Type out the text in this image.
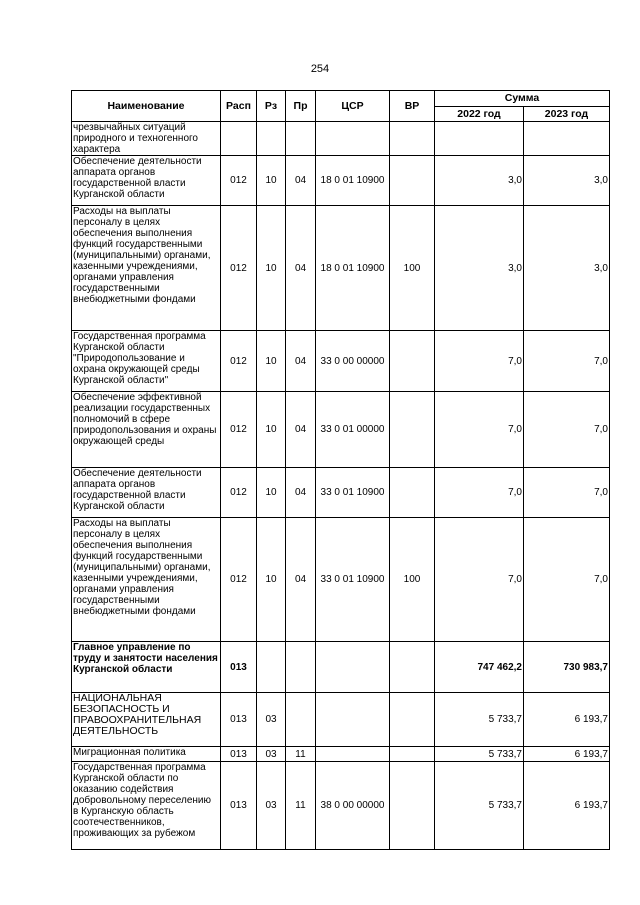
254
Наименование	Расп	Рз	Пр	ЦСР	ВР	Сумма	
						2022 год	2023 год
чрезвычайных ситуаций природного и техногенного характера							
Обеспечение деятельности аппарата органов государственной власти Курганской области	012	10	04	18 0 01 10900		3,0	3,0
Расходы на выплаты персоналу в целях обеспечения выполнения функций государственными (муниципальными) органами, казенными учреждениями, органами управления государственными внебюджетными фондами	012	10	04	18 0 01 10900	100	3,0	3,0
Государственная программа Курганской области "Природопользование и охрана окружающей среды Курганской области"	012	10	04	33 0 00 00000		7,0	7,0
Обеспечение эффективной реализации государственных полномочий в сфере природопользования и охраны окружающей среды	012	10	04	33 0 01 00000		7,0	7,0
Обеспечение деятельности аппарата органов государственной власти Курганской области	012	10	04	33 0 01 10900		7,0	7,0
Расходы на выплаты персоналу в целях обеспечения выполнения функций государственными (муниципальными) органами, казенными учреждениями, органами управления государственными внебюджетными фондами	012	10	04	33 0 01 10900	100	7,0	7,0
Главное управление по труду и занятости населения Курганской области	013					747 462,2	730 983,7
НАЦИОНАЛЬНАЯ БЕЗОПАСНОСТЬ И ПРАВООХРАНИТЕЛЬНАЯ ДЕЯТЕЛЬНОСТЬ	013	03				5 733,7	6 193,7
Миграционная политика	013	03	11			5 733,7	6 193,7
Государственная программа Курганской области по оказанию содействия добровольному переселению в Курганскую область соотечественников, проживающих за рубежом	013	03	11	38 0 00 00000		5 733,7	6 193,7
